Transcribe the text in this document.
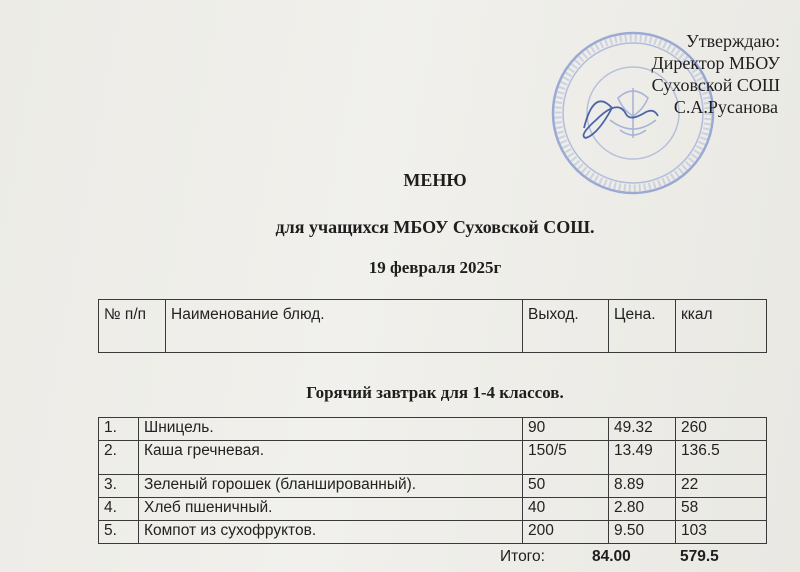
Утверждаю:
Директор МБОУ
Суховской СОШ
С.А.Русанова
МЕНЮ
для учащихся МБОУ Суховской СОШ.
19 февраля 2025г
№ п/п	Наименование блюд.	Выход.	Цена.	ккал
Горячий завтрак для 1-4 классов.
1.	Шницель.	90	49.32	260
2.	Каша гречневая.	150/5	13.49	136.5
3.	Зеленый горошек (бланшированный).	50	8.89	22
4.	Хлеб пшеничный.	40	2.80	58
5.	Компот из сухофруктов.	200	9.50	103
Итого:	84.00	579.5
